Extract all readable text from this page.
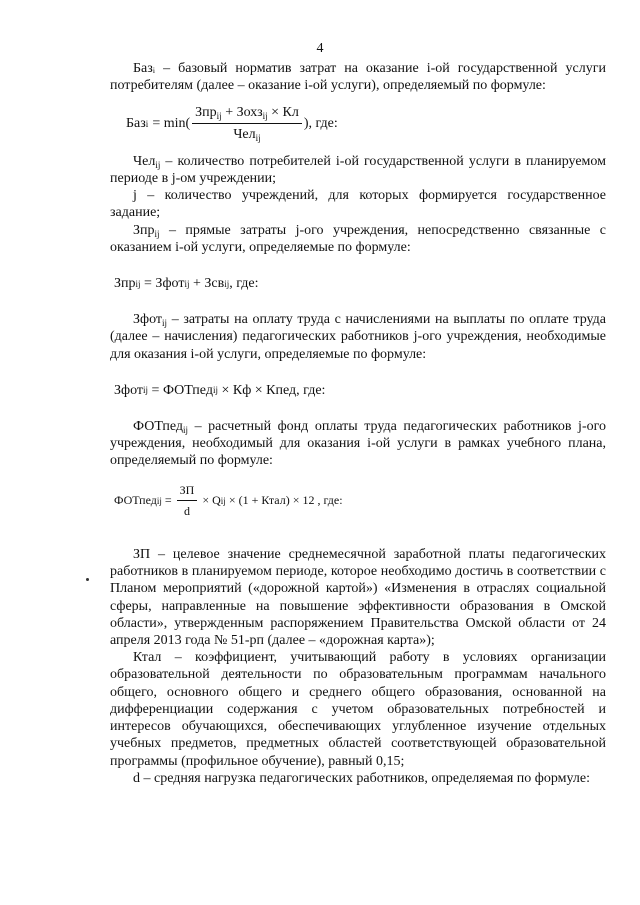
4

Базᵢ – базовый норматив затрат на оказание i-ой государственной услуги потребителям (далее – оказание i-ой услуги), определяемый по формуле:

Баз $i = \min( \frac{Зпр_{ij} + Зохз_{ij} \times Кл}{Чел_{ij}}$ ), где:

Чел$_{ij}$ – количество потребителей i-ой государственной услуги в планируемом периоде в j-ом учреждении;

j – количество учреждений, для которых формируется государственное задание;

Зпр$_{ij}$ – прямые затраты j-ого учреждения, непосредственно связанные с оказанием i-ой услуги, определяемые по формуле:

Зпр ij = Зфот ij + Зсв ij , где:

Зфот$_{ij}$ – затраты на оплату труда с начислениями на выплаты по оплате труда (далее – начисления) педагогических работников j-ого учреждения, необходимые для оказания i-ой услуги, определяемые по формуле:

Зфот ij = ФОТпед ij × Кф × Кпед, где:

ФОТпед$_{ij}$ – расчетный фонд оплаты труда педагогических работников j-ого учреждения, необходимый для оказания i-ой услуги в рамках учебного плана, определяемый по формуле:

ФОТпед ij = $\frac{ЗП}{d} \times Q$ ij × (1 + Ктал) × 12 , где:

ЗП – целевое значение среднемесячной заработной платы педагогических работников в планируемом периоде, которое необходимо достичь в соответствии с Планом мероприятий («дорожной картой») «Изменения в отраслях социальной сферы, направленные на повышение эффективности образования в Омской области», утвержденным распоряжением Правительства Омской области от 24 апреля 2013 года № 51-рп (далее – «дорожная карта»);

Ктал – коэффициент, учитывающий работу в условиях организации образовательной деятельности по образовательным программам начального общего, основного общего и среднего общего образования, основанной на дифференциации содержания с учетом образовательных потребностей и интересов обучающихся, обеспечивающих углубленное изучение отдельных учебных предметов, предметных областей соответствующей образовательной программы (профильное обучение), равный 0,15;

d – средняя нагрузка педагогических работников, определяемая по формуле:
